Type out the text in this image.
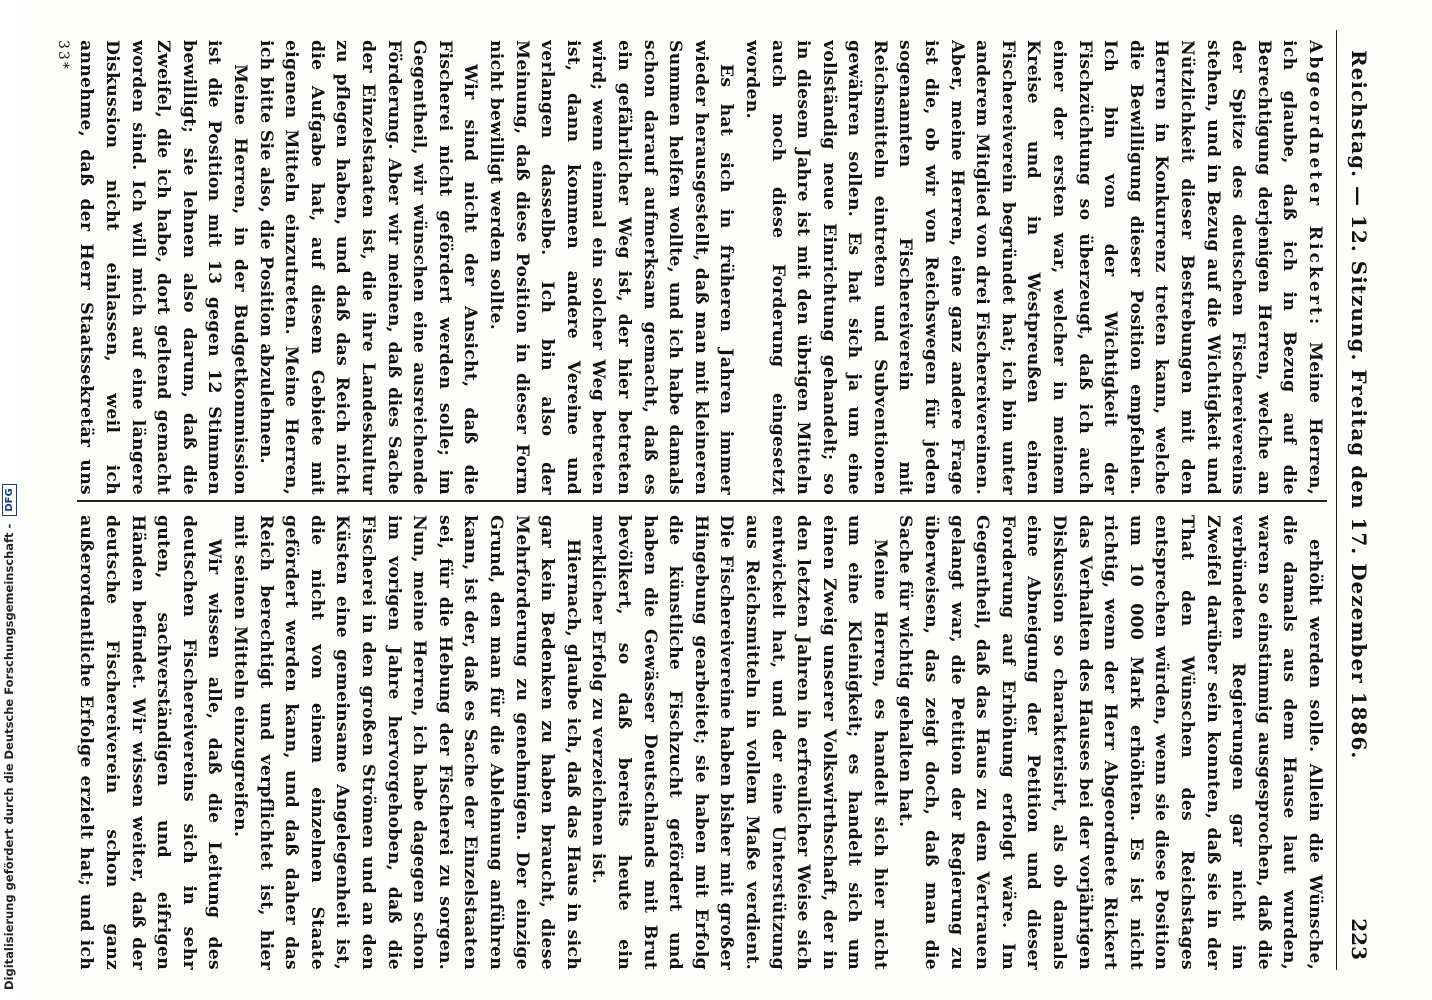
Reichstag. — 12. Sitzung. Freitag den 17. Dezember 1886.
223

Abgeordneter Rickert: Meine Herren, ich glaube, daß ich in Bezug auf die Berechtigung derjenigen Herren, welche an der Spitze des deutschen Fischereivereins stehen, und in Bezug auf die Wichtigkeit und Nützlichkeit dieser Bestrebungen mit den Herren in Konkurrenz treten kann, welche die Bewilligung dieser Position empfehlen. Ich bin von der Wichtigkeit der Fischzüchtung so überzeugt, daß ich auch einer der ersten war, welcher in meinem Kreise und in Westpreußen einen Fischereiverein begründet hat; ich bin unter anderem Mitglied von drei Fischereivereinen. Aber, meine Herren, eine ganz andere Frage ist die, ob wir von Reichswegen für jeden sogenannten Fischereiverein mit Reichsmitteln eintreten und Subventionen gewähren sollen. Es hat sich ja um eine vollständig neue Einrichtung gehandelt; so in diesem Jahre ist mit den übrigen Mitteln auch noch diese Forderung eingesetzt worden.

Es hat sich in früheren Jahren immer wieder herausgestellt, daß man mit kleineren Summen helfen wollte, und ich habe damals schon darauf aufmerksam gemacht, daß es ein gefährlicher Weg ist, der hier betreten wird; wenn einmal ein solcher Weg betreten ist, dann kommen andere Vereine und verlangen dasselbe. Ich bin also der Meinung, daß diese Position in dieser Form nicht bewilligt werden sollte.

Wir sind nicht der Ansicht, daß die Fischerei nicht gefördert werden solle; im Gegentheil, wir wünschen eine ausreichende Förderung. Aber wir meinen, daß dies Sache der Einzelstaaten ist, die ihre Landeskultur zu pflegen haben, und daß das Reich nicht die Aufgabe hat, auf diesem Gebiete mit eigenen Mitteln einzutreten. Meine Herren, ich bitte Sie also, die Position abzulehnen.

Meine Herren, in der Budgetkommission ist die Position mit 13 gegen 12 Stimmen bewilligt; sie lehnen also darum, daß die Zweifel, die ich habe, dort geltend gemacht worden sind. Ich will mich auf eine längere Diskussion nicht einlassen, weil ich annehme, daß der Herr Staatssekretär uns

erhöht werden solle. Allein die Wünsche, die damals aus dem Hause laut wurden, waren so einstimmig ausgesprochen, daß die verbündeten Regierungen gar nicht im Zweifel darüber sein konnten, daß sie in der That den Wünschen des Reichstages entsprechen würden, wenn sie diese Position um 10 000 Mark erhöhten. Es ist nicht richtig, wenn der Herr Abgeordnete Rickert das Verhalten des Hauses bei der vorjährigen Diskussion so charakterisirt, als ob damals eine Abneigung der Petition und dieser Forderung auf Erhöhung erfolgt wäre. Im Gegentheil, daß das Haus zu dem Vertrauen gelangt war, die Petition der Regierung zu überweisen, das zeigt doch, daß man die Sache für wichtig gehalten hat.

Meine Herren, es handelt sich hier nicht um eine Kleinigkeit; es handelt sich um einen Zweig unserer Volkswirthschaft, der in den letzten Jahren in erfreulicher Weise sich entwickelt hat, und der eine Unterstützung aus Reichsmitteln in vollem Maße verdient. Die Fischereivereine haben bisher mit großer Hingebung gearbeitet; sie haben mit Erfolg die künstliche Fischzucht gefördert und haben die Gewässer Deutschlands mit Brut bevölkert, so daß bereits heute ein merklicher Erfolg zu verzeichnen ist.

Hiernach, glaube ich, daß das Haus in sich gar kein Bedenken zu haben braucht, diese Mehrforderung zu genehmigen. Der einzige Grund, den man für die Ablehnung anführen kann, ist der, daß es Sache der Einzelstaaten sei, für die Hebung der Fischerei zu sorgen. Nun, meine Herren, ich habe dagegen schon im vorigen Jahre hervorgehoben, daß die Fischerei in den großen Strömen und an den Küsten eine gemeinsame Angelegenheit ist, die nicht von einem einzelnen Staate gefördert werden kann, und daß daher das Reich berechtigt und verpflichtet ist, hier mit seinen Mitteln einzugreifen.

Wir wissen alle, daß die Leitung des deutschen Fischereivereins sich in sehr guten, sachverständigen und eifrigen Händen befindet. Wir wissen weiter, daß der deutsche Fischereiverein schon ganz außerordentliche Erfolge erzielt hat; und ich

33*
Digitalisierung gefördert durch die Deutsche Forschungsgemeinschaft - DFG
